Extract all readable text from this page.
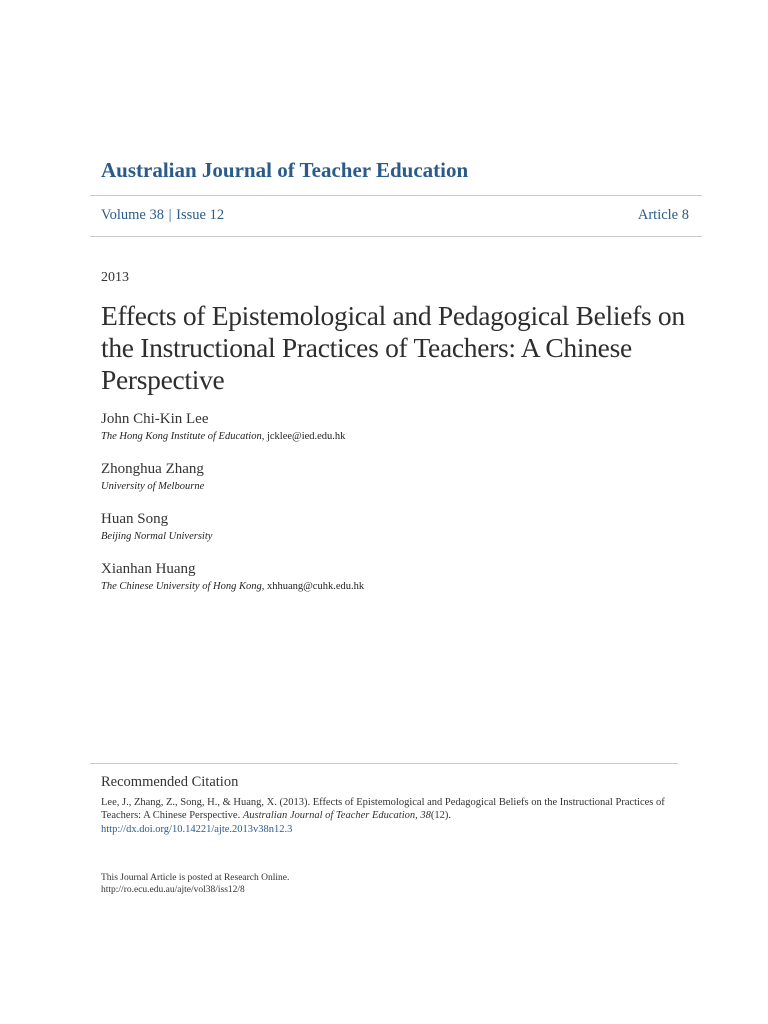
Australian Journal of Teacher Education
Volume 38 | Issue 12	Article 8
2013
Effects of Epistemological and Pedagogical Beliefs on the Instructional Practices of Teachers: A Chinese Perspective
John Chi-Kin Lee
The Hong Kong Institute of Education, jcklee@ied.edu.hk
Zhonghua Zhang
University of Melbourne
Huan Song
Beijing Normal University
Xianhan Huang
The Chinese University of Hong Kong, xhhuang@cuhk.edu.hk
Recommended Citation
Lee, J., Zhang, Z., Song, H., & Huang, X. (2013). Effects of Epistemological and Pedagogical Beliefs on the Instructional Practices of Teachers: A Chinese Perspective. Australian Journal of Teacher Education, 38(12).
http://dx.doi.org/10.14221/ajte.2013v38n12.3
This Journal Article is posted at Research Online.
http://ro.ecu.edu.au/ajte/vol38/iss12/8
